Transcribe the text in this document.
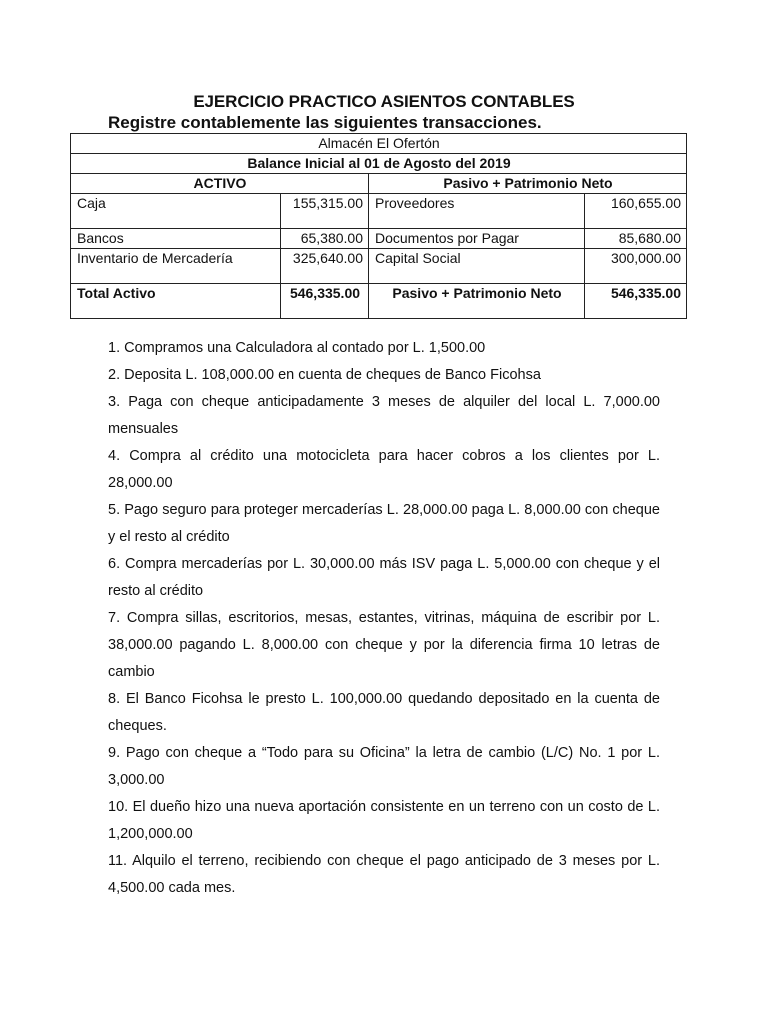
EJERCICIO PRACTICO ASIENTOS CONTABLES
Registre contablemente las siguientes transacciones.
Almacén El Ofertón			
Balance Inicial al 01 de Agosto del 2019			
ACTIVO		Pasivo + Patrimonio Neto	
Caja	155,315.00	Proveedores	160,655.00
Bancos	65,380.00	Documentos por Pagar	85,680.00
Inventario de Mercadería	325,640.00	Capital Social	300,000.00
Total Activo	546,335.00	Pasivo + Patrimonio Neto	546,335.00
1. Compramos una Calculadora al contado por L. 1,500.00
2. Deposita L. 108,000.00 en cuenta de cheques de Banco Ficohsa
3. Paga con cheque anticipadamente 3 meses de alquiler del local L. 7,000.00 mensuales
4. Compra al crédito una motocicleta para hacer cobros a los clientes por L. 28,000.00
5. Pago seguro para proteger mercaderías L. 28,000.00 paga L. 8,000.00 con cheque y el resto al crédito
6. Compra mercaderías por L. 30,000.00 más ISV paga L. 5,000.00 con cheque y el resto al crédito
7. Compra sillas, escritorios, mesas, estantes, vitrinas, máquina de escribir por L. 38,000.00 pagando L. 8,000.00 con cheque y por la diferencia firma 10 letras de cambio
8. El Banco Ficohsa le presto L. 100,000.00 quedando depositado en la cuenta de cheques.
9. Pago con cheque a “Todo para su Oficina” la letra de cambio (L/C) No. 1 por L. 3,000.00
10. El dueño hizo una nueva aportación consistente en un terreno con un costo de L. 1,200,000.00
11. Alquilo el terreno, recibiendo con cheque el pago anticipado de 3 meses por L. 4,500.00 cada mes.
